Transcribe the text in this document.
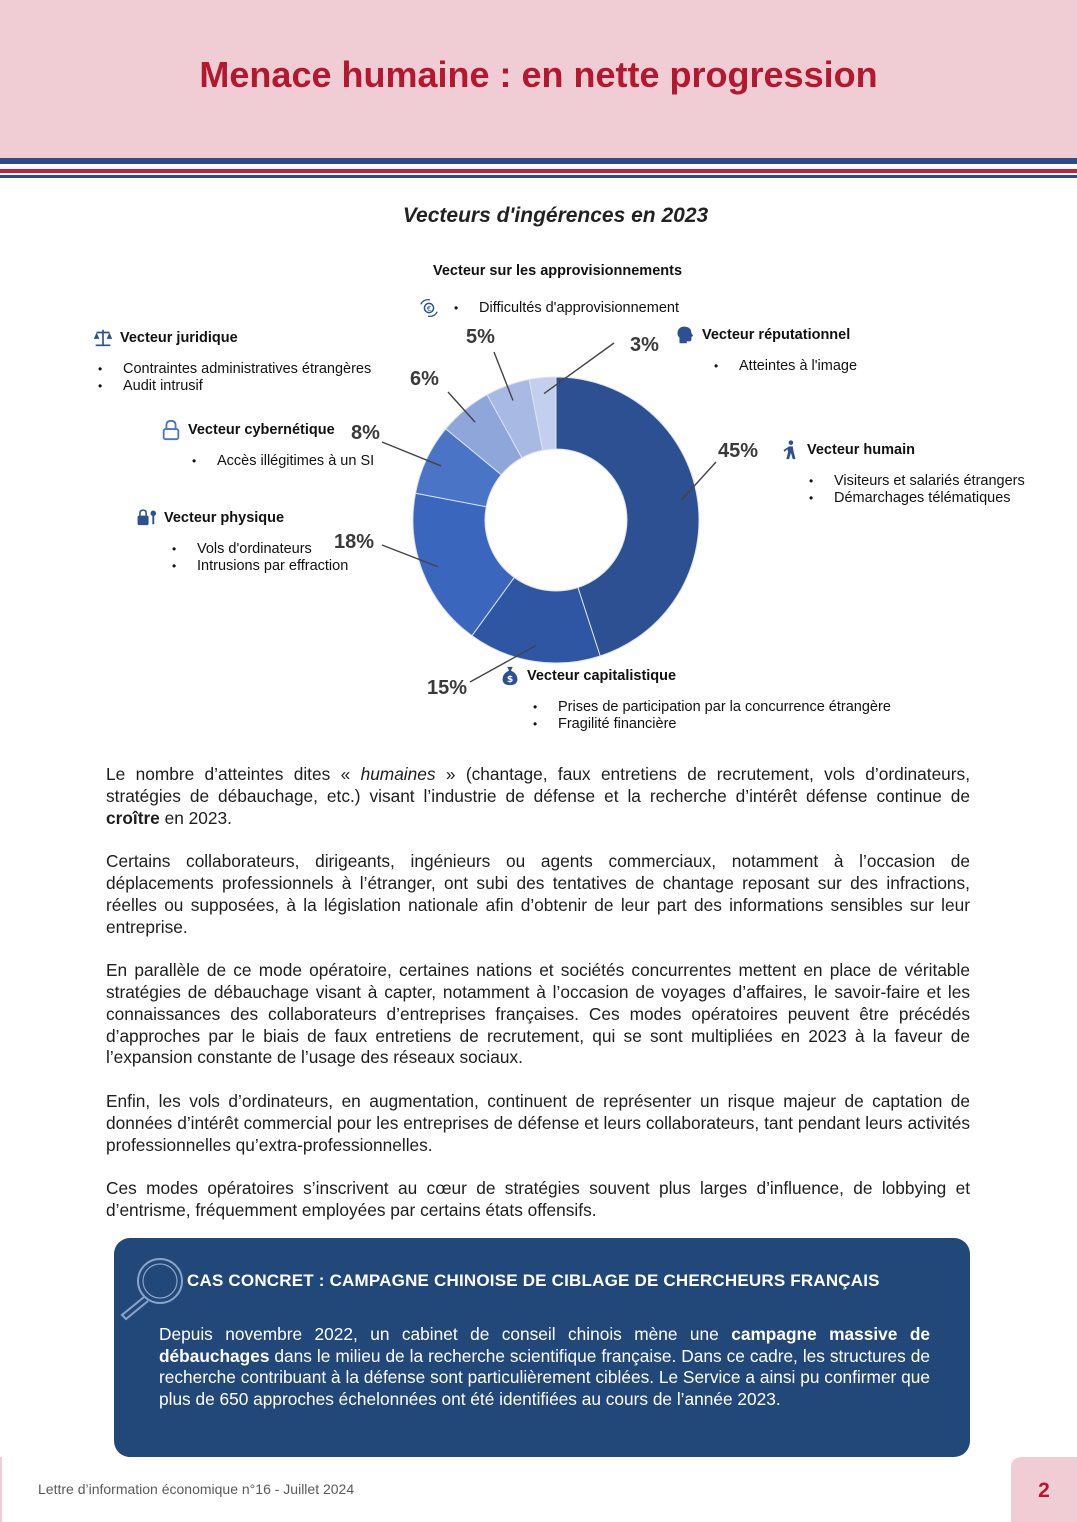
Menace humaine : en nette progression
Vecteurs d'ingérences en 2023
45%
15%
18%
8%
6%
5%	3%
Vecteur sur les approvisionnements
€
•	Difficultés d'approvisionnement
Vecteur juridique
• Contraintes administratives étrangères
• Audit intrusif
Vecteur réputationnel
• Atteintes à l'image
Vecteur cybernétique
• Accès illégitimes à un SI
Vecteur humain
• Visiteurs et salariés étrangers
• Démarchages télématiques
Vecteur physique
• Vols d'ordinateurs
• Intrusions par effraction
$ Vecteur capitalistique
• Prises de participation par la concurrence étrangère
• Fragilité financière

Le nombre d’atteintes dites « humaines » (chantage, faux entretiens de recrutement, vols d’ordinateurs, stratégies de débauchage, etc.) visant l’industrie de défense et la recherche d’intérêt défense continue de croître en 2023.

Certains collaborateurs, dirigeants, ingénieurs ou agents commerciaux, notamment à l’occasion de déplacements professionnels à l’étranger, ont subi des tentatives de chantage reposant sur des infractions, réelles ou supposées, à la législation nationale afin d’obtenir de leur part des informations sensibles sur leur entreprise.

En parallèle de ce mode opératoire, certaines nations et sociétés concurrentes mettent en place de véritable stratégies de débauchage visant à capter, notamment à l’occasion de voyages d’affaires, le savoir-faire et les connaissances des collaborateurs d’entreprises françaises. Ces modes opératoires peuvent être précédés d’approches par le biais de faux entretiens de recrutement, qui se sont multipliées en 2023 à la faveur de l’expansion constante de l’usage des réseaux sociaux.

Enfin, les vols d’ordinateurs, en augmentation, continuent de représenter un risque majeur de captation de données d’intérêt commercial pour les entreprises de défense et leurs collaborateurs, tant pendant leurs activités professionnelles qu’extra-professionnelles.

Ces modes opératoires s’inscrivent au cœur de stratégies souvent plus larges d’influence, de lobbying et d’entrisme, fréquemment employées par certains états offensifs.

CAS CONCRET : CAMPAGNE CHINOISE DE CIBLAGE DE CHERCHEURS FRANÇAIS

Depuis novembre 2022, un cabinet de conseil chinois mène une campagne massive de débauchages dans le milieu de la recherche scientifique française. Dans ce cadre, les structures de recherche contribuant à la défense sont particulièrement ciblées. Le Service a ainsi pu confirmer que plus de 650 approches échelonnées ont été identifiées au cours de l’année 2023.

Lettre d’information économique n°16 - Juillet 2024	2
